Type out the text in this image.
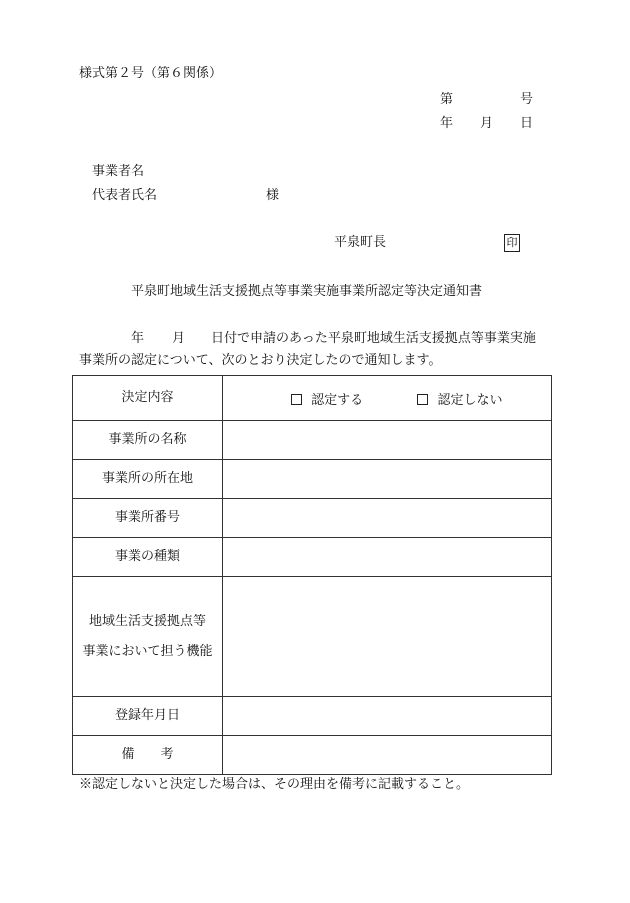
様式第２号（第６関係）
第	号
年 月 日
事業者名
代表者氏名	様
平泉町長	印
平泉町地域生活支援拠点等事業実施事業所認定等決定通知書
年 月 日付で申請のあった平泉町地域生活支援拠点等事業実施
事業所の認定について、次のとおり決定したので通知します。
決定内容	認定する 認定しない
事業所の名称	
事業所の所在地	
事業所番号	
事業の種類	

地域生活支援拠点等
事業において担う機能	

登録年月日	
備　　考	
※認定しないと決定した場合は、その理由を備考に記載すること。
